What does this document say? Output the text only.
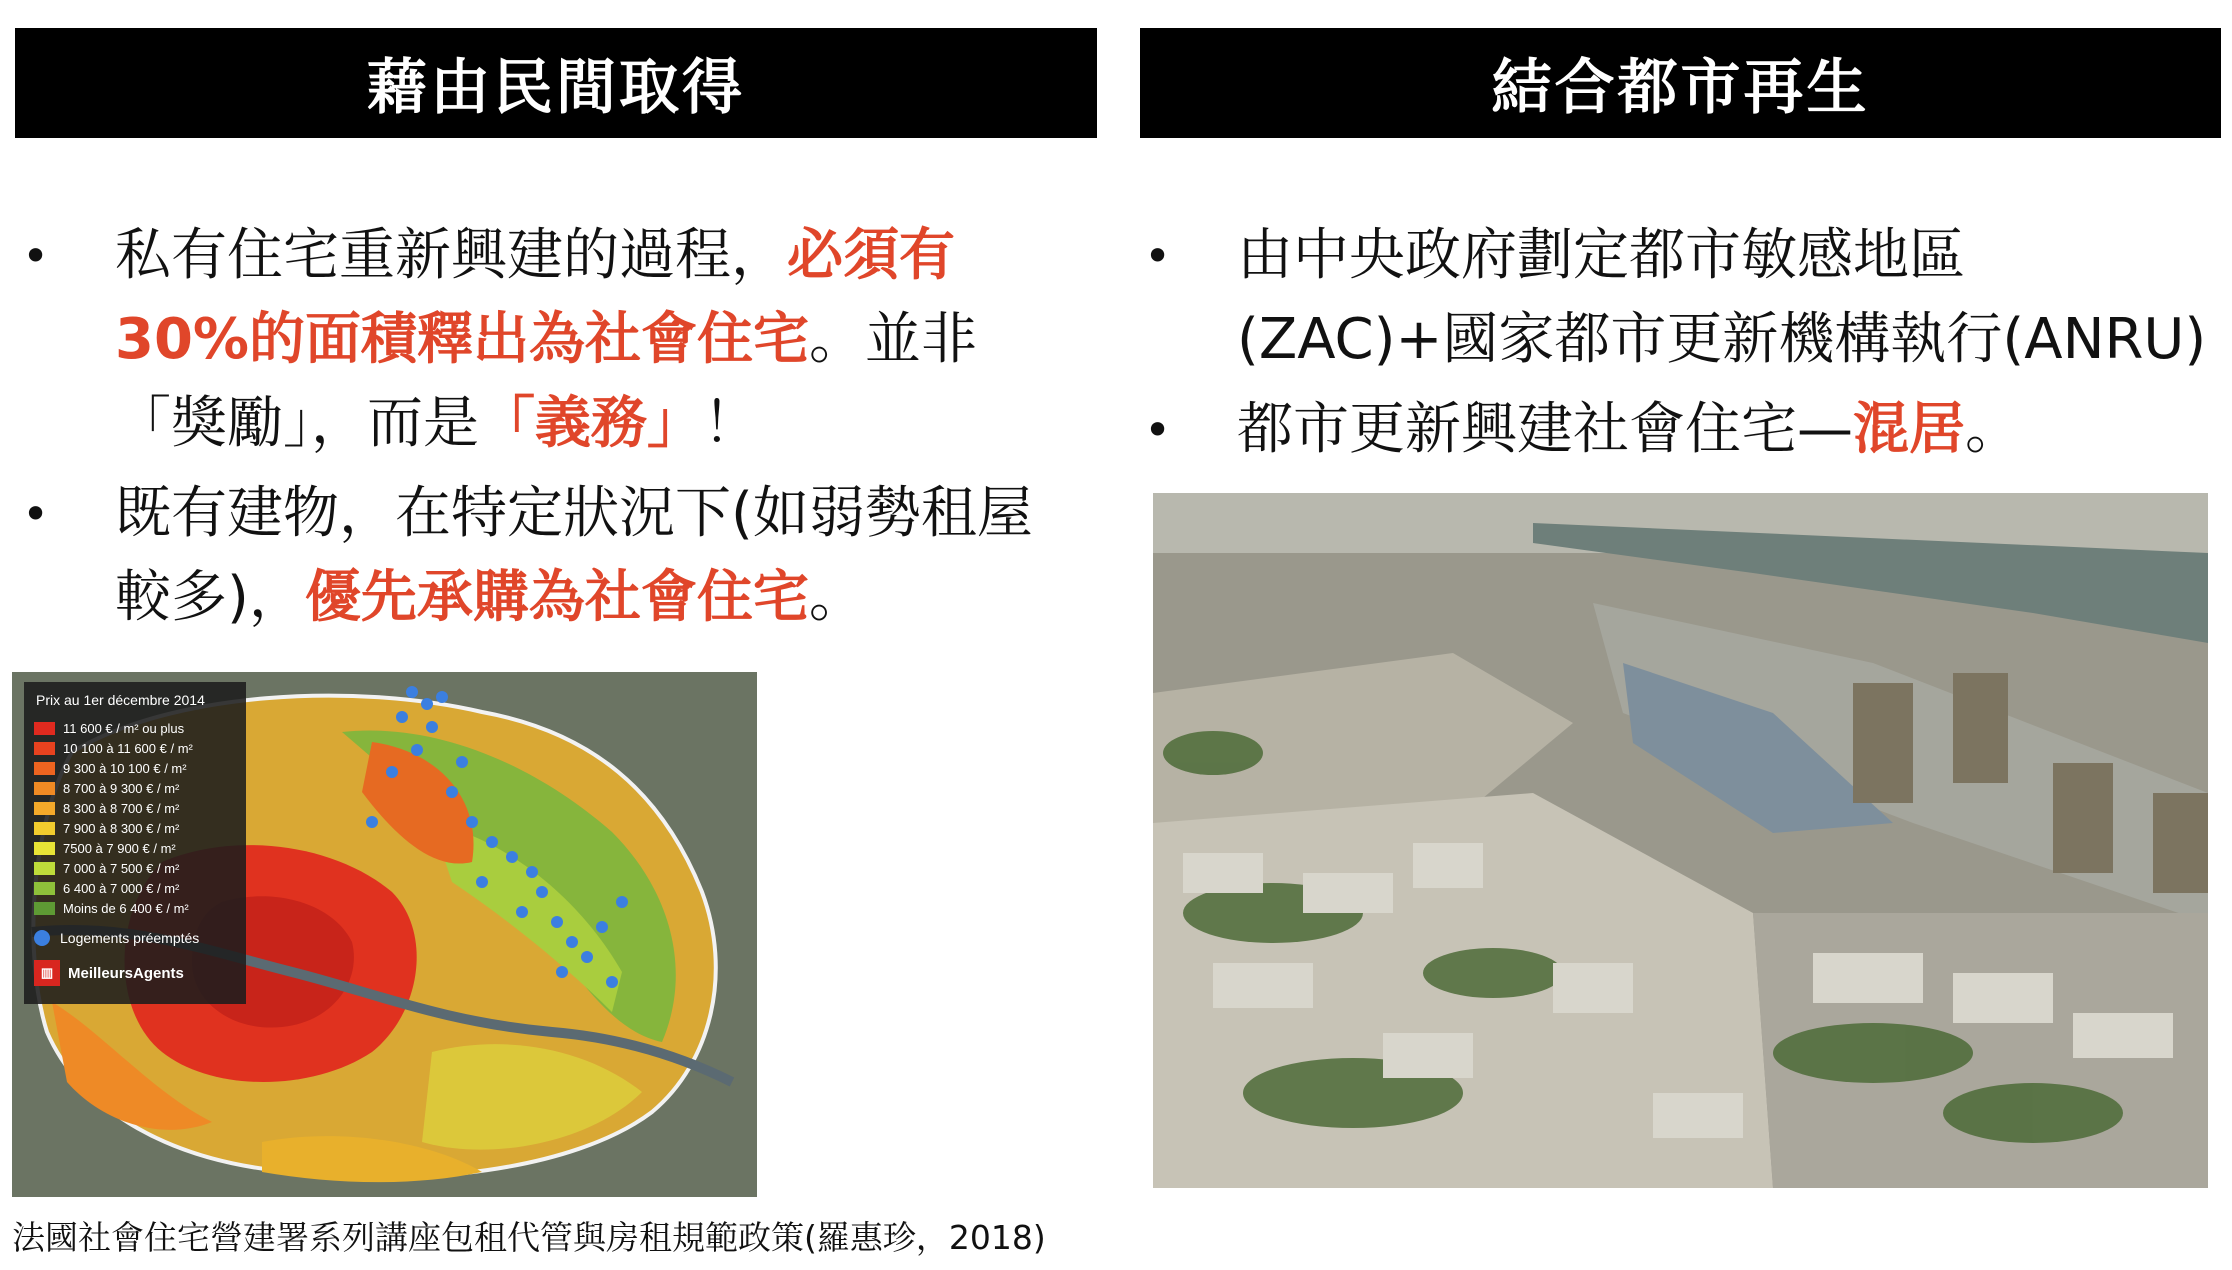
藉由民間取得	結合都市再生
• 私有住宅重新興建的過程，必須有30%的面積釋出為社會住宅。並非「獎勵」，而是「義務」！
• 既有建物，在特定狀況下(如弱勢租屋較多)，優先承購為社會住宅。
• 由中央政府劃定都市敏感地區(ZAC)+國家都市更新機構執行(ANRU)
• 都市更新興建社會住宅—混居。
Prix au 1er décembre 2014
11 600 € / m² ou plus
10 100 à 11 600 € / m²
9 300 à 10 100 € / m²
8 700 à 9 300 € / m²
8 300 à 8 700 € / m²
7 900 à 8 300 € / m²
7500 à 7 900 € / m²
7 000 à 7 500 € / m²
6 400 à 7 000 € / m²
Moins de 6 400 € / m²
Logements préemptés
▥ MeilleursAgents
法國社會住宅營建署系列講座包租代管與房租規範政策(羅惠珍，2018)
